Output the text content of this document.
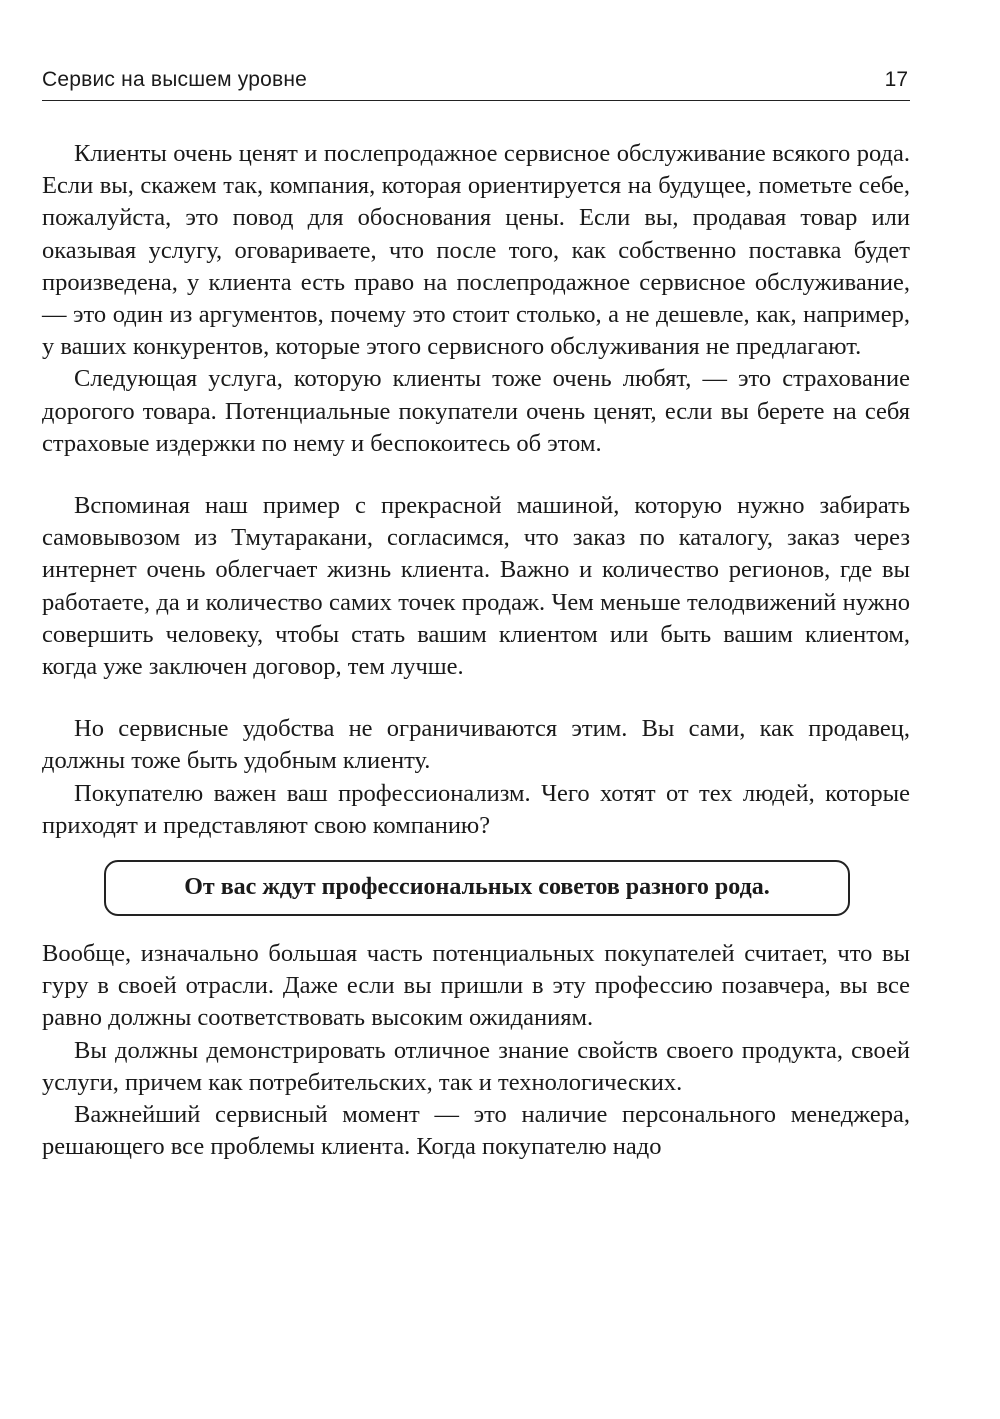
Сервис на высшем уровне	17

Клиенты очень ценят и послепродажное сервисное обслуживание всякого рода. Если вы, скажем так, компания, которая ориентируется на будущее, пометьте себе, пожалуйста, это повод для обоснования цены. Если вы, продавая товар или оказывая услугу, оговариваете, что после того, как собственно поставка будет произведена, у клиента есть право на послепродажное сервисное обслуживание, — это один из аргументов, почему это стоит столько, а не дешевле, как, например, у ваших конкурентов, которые этого сервисного обслуживания не предлагают.

Следующая услуга, которую клиенты тоже очень любят, — это страхование дорогого товара. Потенциальные покупатели очень ценят, если вы берете на себя страховые издержки по нему и беспокоитесь об этом.

Вспоминая наш пример с прекрасной машиной, которую нужно забирать самовывозом из Тмутаракани, согласимся, что заказ по каталогу, заказ через интернет очень облегчает жизнь клиента. Важно и количество регионов, где вы работаете, да и количество самих точек продаж. Чем меньше телодвижений нужно совершить человеку, чтобы стать вашим клиентом или быть вашим клиентом, когда уже заключен договор, тем лучше.

Но сервисные удобства не ограничиваются этим. Вы сами, как продавец, должны тоже быть удобным клиенту.

Покупателю важен ваш профессионализм. Чего хотят от тех людей, которые приходят и представляют свою компанию?

От вас ждут профессиональных советов разного рода.

Вообще, изначально большая часть потенциальных покупателей считает, что вы гуру в своей отрасли. Даже если вы пришли в эту профессию позавчера, вы все равно должны соответствовать высоким ожиданиям.

Вы должны демонстрировать отличное знание свойств своего продукта, своей услуги, причем как потребительских, так и технологических.

Важнейший сервисный момент — это наличие персонального менеджера, решающего все проблемы клиента. Когда покупателю надо
